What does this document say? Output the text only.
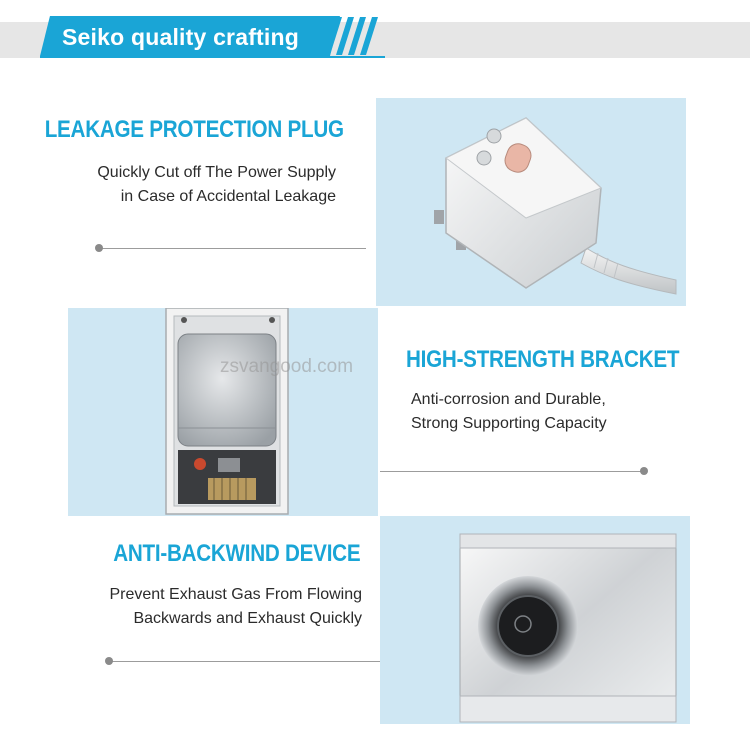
Seiko quality crafting
LEAKAGE PROTECTION PLUG
Quickly Cut off The Power Supply
in Case of Accidental Leakage
HIGH-STRENGTH BRACKET
Anti-corrosion and Durable,
Strong Supporting Capacity
ANTI-BACKWIND DEVICE
Prevent Exhaust Gas From Flowing
Backwards and Exhaust Quickly
zsvangood.com
